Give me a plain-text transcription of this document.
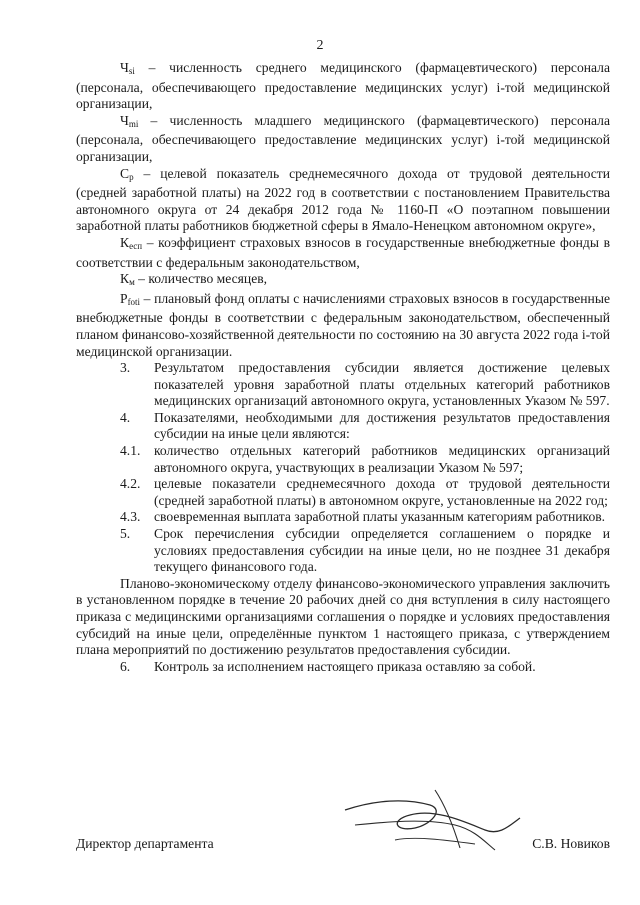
2

$Ч_{si}$ – численность среднего медицинского (фармацевтического) персонала (персонала, обеспечивающего предоставление медицинских услуг) i-той медицинской организации,

$Ч_{mi}$ – численность младшего медицинского (фармацевтического) персонала (персонала, обеспечивающего предоставление медицинских услуг) i-той медицинской организации,

$С_р$ – целевой показатель среднемесячного дохода от трудовой деятельности (средней заработной платы) на 2022 год в соответствии с постановлением Правительства автономного округа от 24 декабря 2012 года № 1160-П «О поэтапном повышении заработной платы работников бюджетной сферы в Ямало-Ненецком автономном округе»,

$К_{есп}$ – коэффициент страховых взносов в государственные внебюджетные фонды в соответствии с федеральным законодательством,

$К_м$ – количество месяцев,

$Р_{foti}$ – плановый фонд оплаты с начислениями страховых взносов в государственные внебюджетные фонды в соответствии с федеральным законодательством, обеспеченный планом финансово-хозяйственной деятельности по состоянию на 30 августа 2022 года i-той медицинской организации.

3.	Результатом предоставления субсидии является достижение целевых показателей уровня заработной платы отдельных категорий работников медицинских организаций автономного округа, установленных Указом № 597.
4.	Показателями, необходимыми для достижения результатов предоставления субсидии на иные цели являются:
4.1.	количество отдельных категорий работников медицинских организаций автономного округа, участвующих в реализации Указом № 597;
4.2.	целевые показатели среднемесячного дохода от трудовой деятельности (средней заработной платы) в автономном округе, установленные на 2022 год;
4.3.	своевременная выплата заработной платы указанным категориям работников.
5.	Срок перечисления субсидии определяется соглашением о порядке и условиях предоставления субсидии на иные цели, но не позднее 31 декабря текущего финансового года.

Планово-экономическому отделу финансово-экономического управления заключить в установленном порядке в течение 20 рабочих дней со дня вступления в силу настоящего приказа с медицинскими организациями соглашения о порядке и условиях предоставления субсидий на иные цели, определённые пунктом 1 настоящего приказа, с утверждением плана мероприятий по достижению результатов предоставления субсидии.

6.	Контроль за исполнением настоящего приказа оставляю за собой.
Директор департамента	С.В. Новиков
